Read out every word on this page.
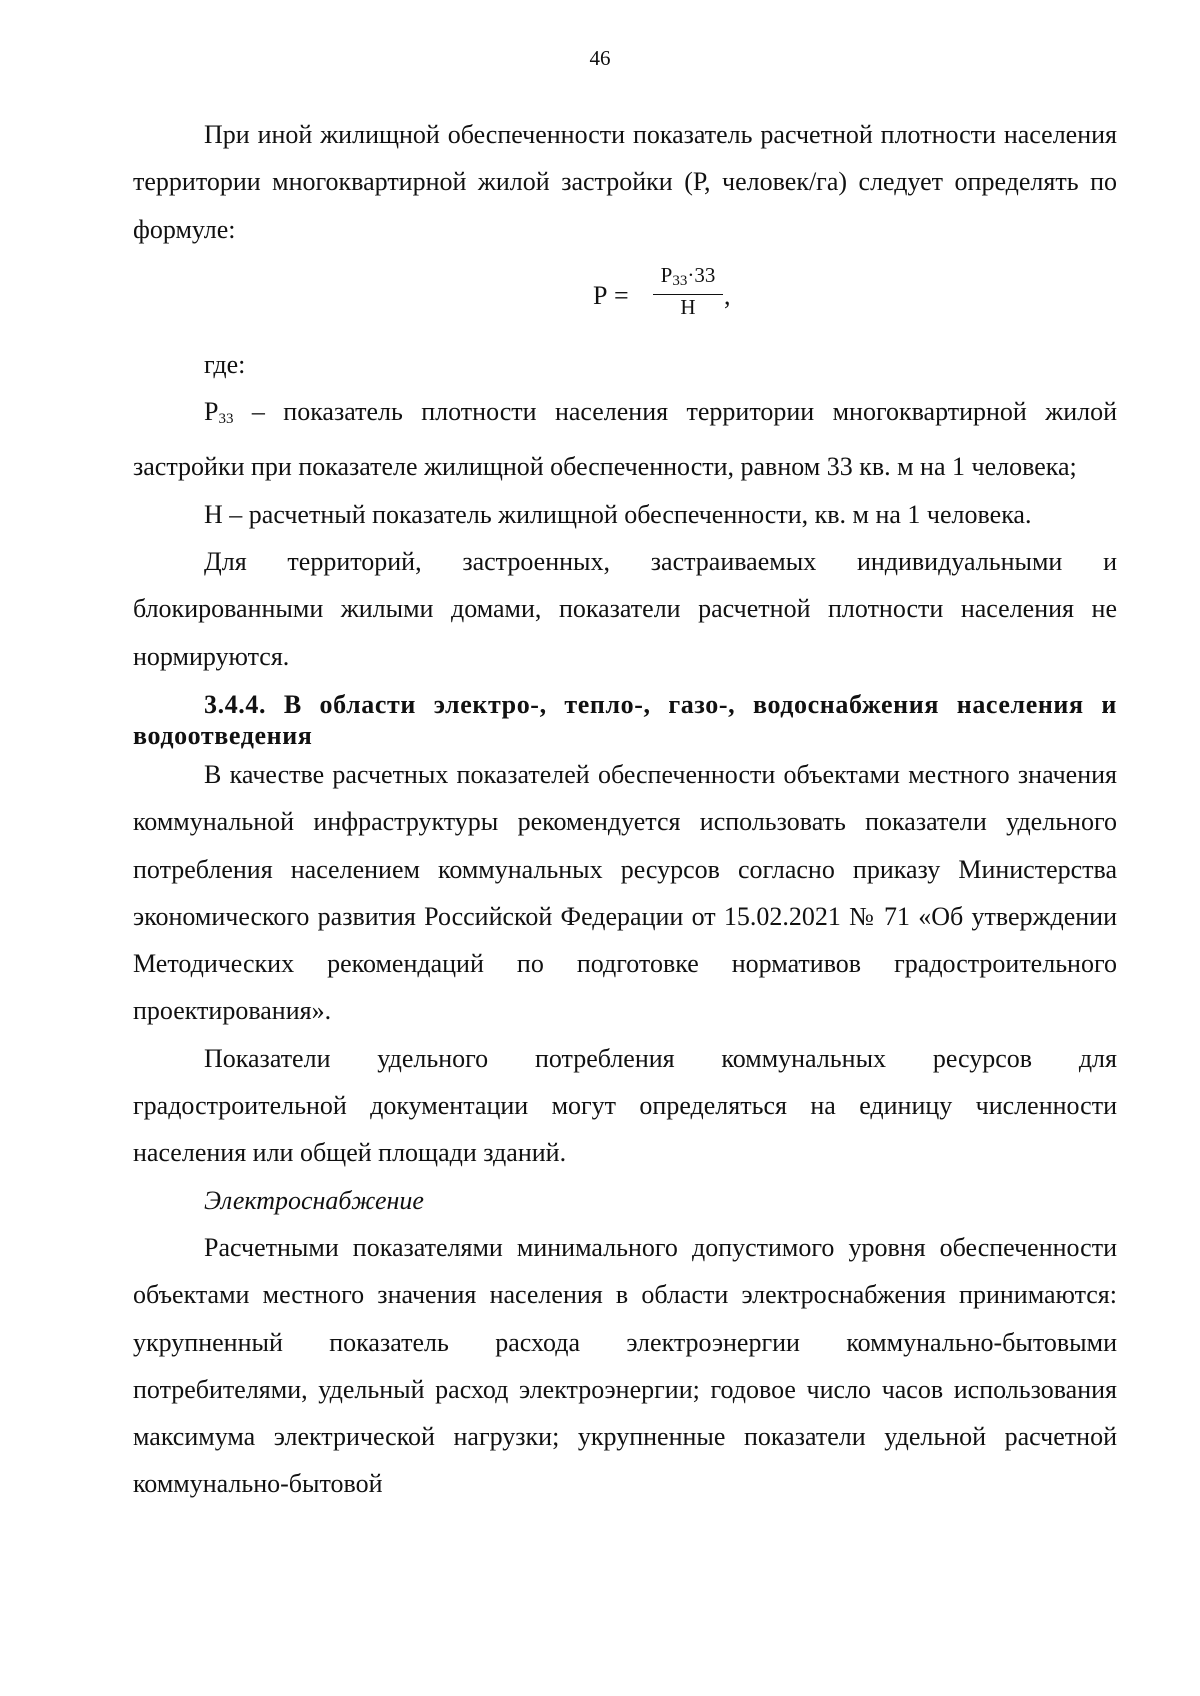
46

При иной жилищной обеспеченности показатель расчетной плотности населения территории многоквартирной жилой застройки (Р, человек/га) следует определять по формуле:

Р =
$Р_{33}\cdot 33$
Н	,

где:

$Р_{33}$ – показатель плотности населения территории многоквартирной жилой застройки при показателе жилищной обеспеченности, равном 33 кв. м на 1 человека;

Н – расчетный показатель жилищной обеспеченности, кв. м на 1 человека.

Для территорий, застроенных, застраиваемых индивидуальными и блокированными жилыми домами, показатели расчетной плотности населения не нормируются.

3.4.4. В области электро-, тепло-, газо-, водоснабжения населения и водоотведения

В качестве расчетных показателей обеспеченности объектами местного значения коммунальной инфраструктуры рекомендуется использовать показатели удельного потребления населением коммунальных ресурсов согласно приказу Министерства экономического развития Российской Федерации от 15.02.2021 № 71 «Об утверждении Методических рекомендаций по подготовке нормативов градостроительного проектирования».

Показатели удельного потребления коммунальных ресурсов для градостроительной документации могут определяться на единицу численности населения или общей площади зданий.

Электроснабжение

Расчетными показателями минимального допустимого уровня обеспеченности объектами местного значения населения в области электроснабжения принимаются: укрупненный показатель расхода электроэнергии коммунально-бытовыми потребителями, удельный расход электроэнергии; годовое число часов использования максимума электрической нагрузки; укрупненные показатели удельной расчетной коммунально-бытовой
